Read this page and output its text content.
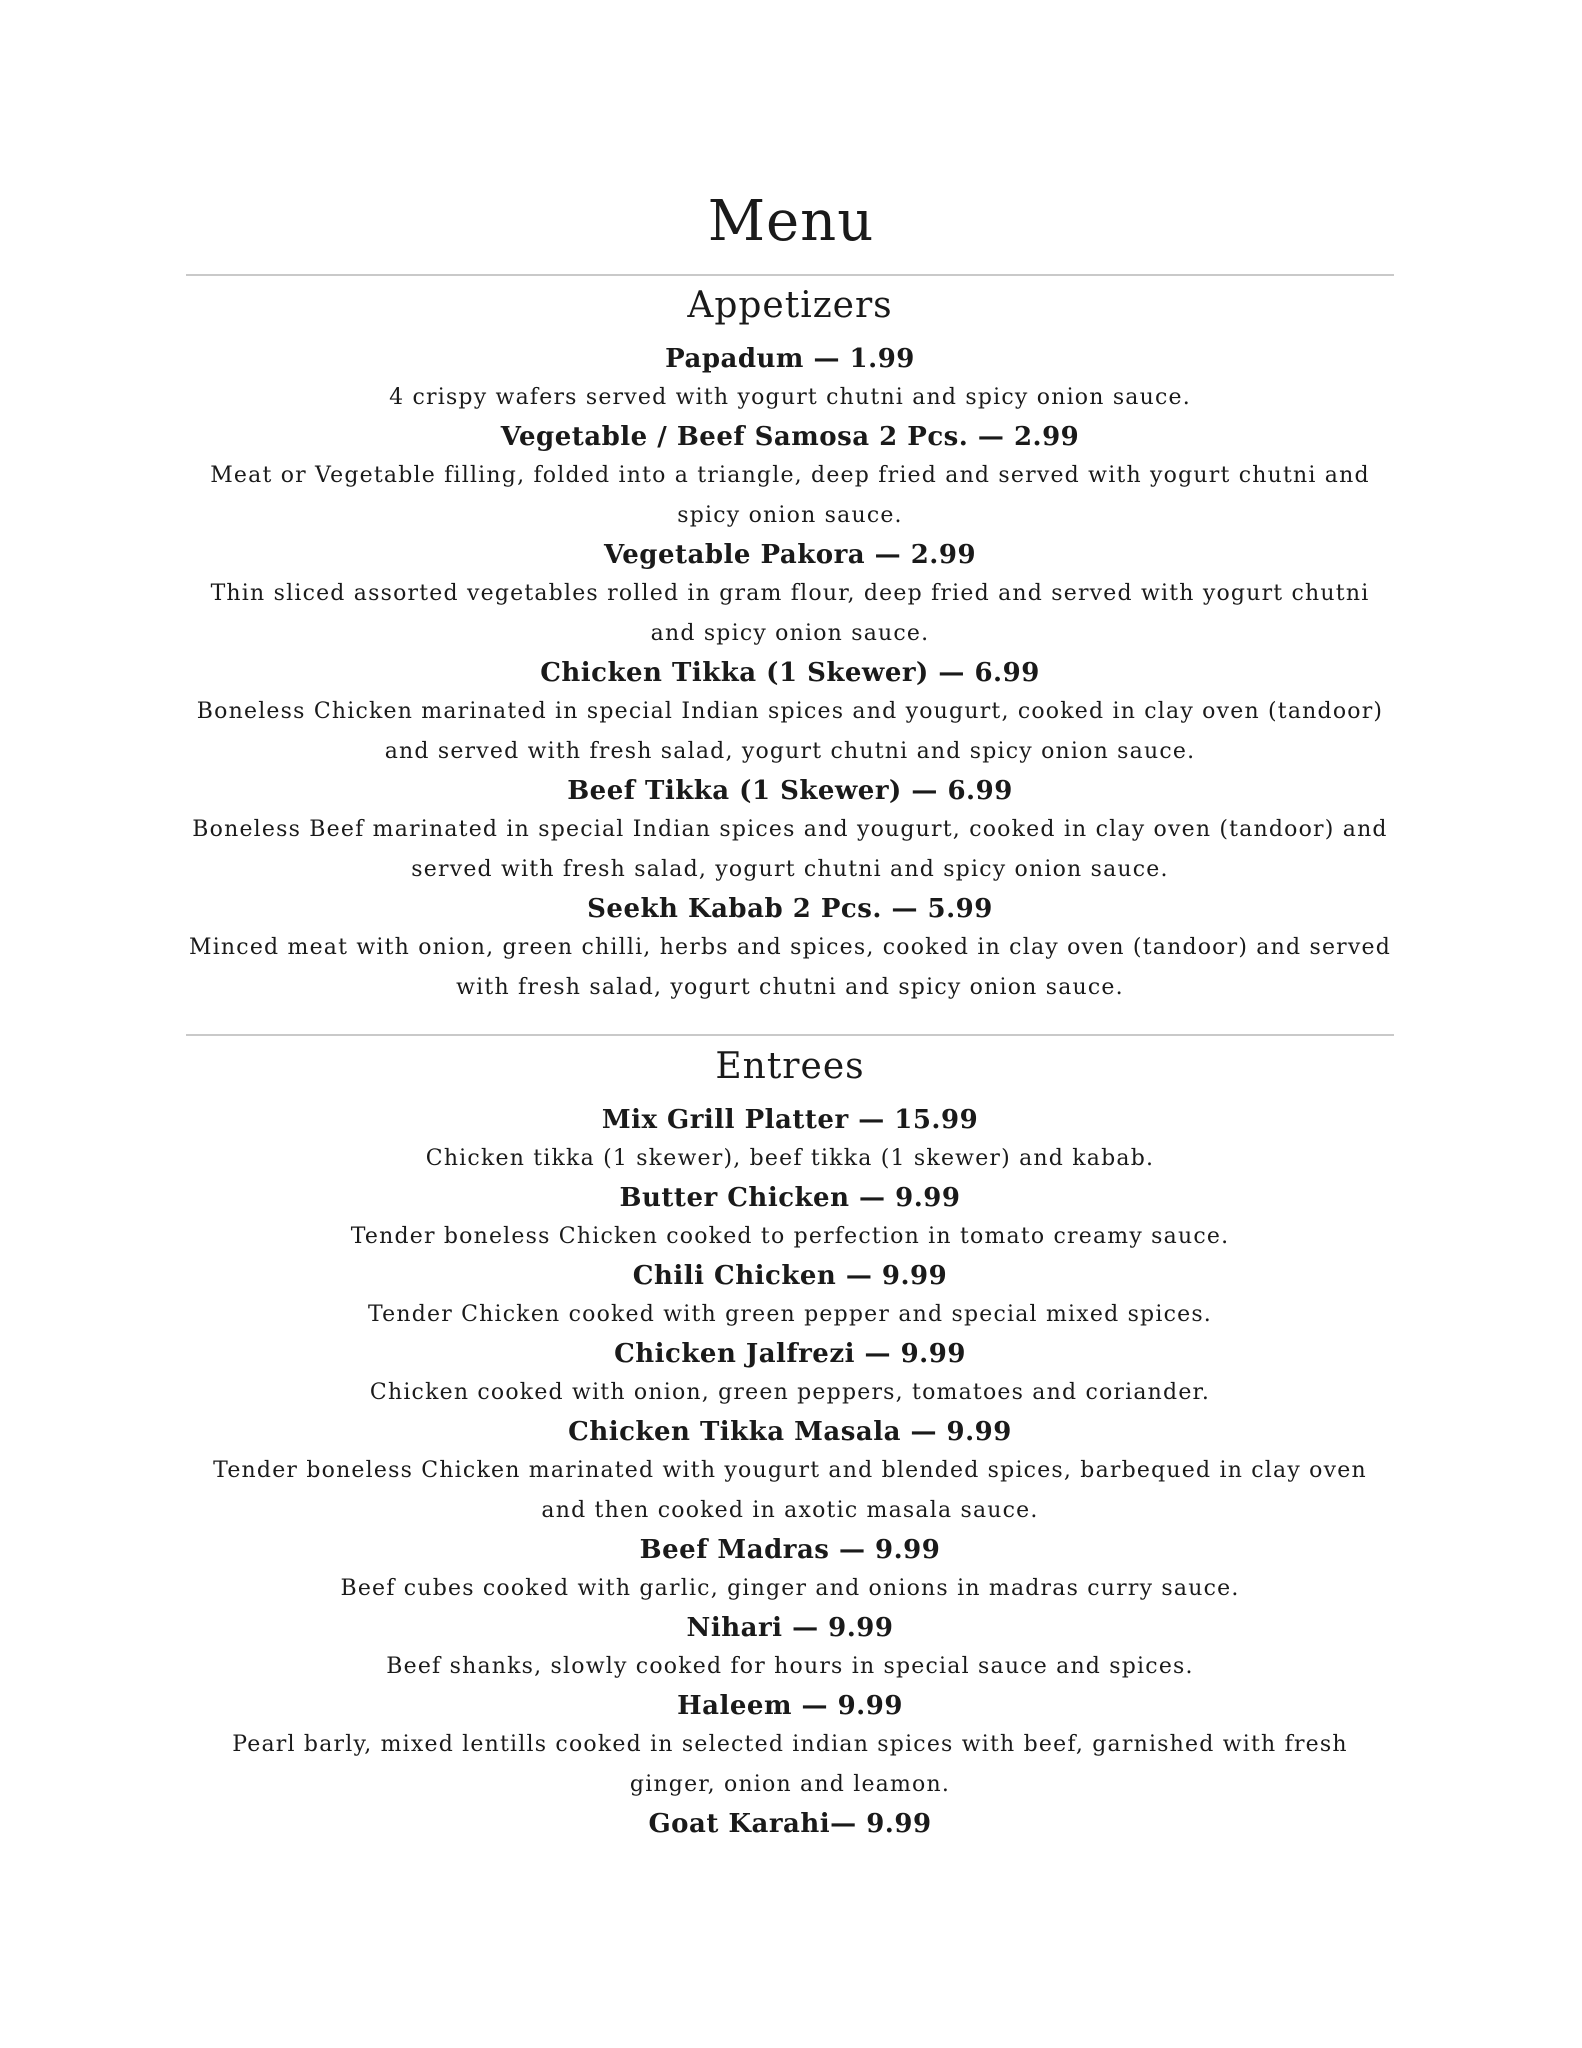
Menu
Appetizers

Papadum — 1.99

4 crispy wafers served with yogurt chutni and spicy onion sauce.

Vegetable / Beef Samosa 2 Pcs. — 2.99

Meat or Vegetable filling, folded into a triangle, deep fried and served with yogurt chutni and spicy onion sauce.

Vegetable Pakora — 2.99

Thin sliced assorted vegetables rolled in gram flour, deep fried and served with yogurt chutni and spicy onion sauce.

Chicken Tikka (1 Skewer) — 6.99

Boneless Chicken marinated in special Indian spices and yougurt, cooked in clay oven (tandoor) and served with fresh salad, yogurt chutni and spicy onion sauce.

Beef Tikka (1 Skewer) — 6.99

Boneless Beef marinated in special Indian spices and yougurt, cooked in clay oven (tandoor) and served with fresh salad, yogurt chutni and spicy onion sauce.

Seekh Kabab 2 Pcs. — 5.99

Minced meat with onion, green chilli, herbs and spices, cooked in clay oven (tandoor) and served with fresh salad, yogurt chutni and spicy onion sauce.

Entrees

Mix Grill Platter — 15.99

Chicken tikka (1 skewer), beef tikka (1 skewer) and kabab.

Butter Chicken — 9.99

Tender boneless Chicken cooked to perfection in tomato creamy sauce.

Chili Chicken — 9.99

Tender Chicken cooked with green pepper and special mixed spices.

Chicken Jalfrezi — 9.99

Chicken cooked with onion, green peppers, tomatoes and coriander.

Chicken Tikka Masala — 9.99

Tender boneless Chicken marinated with yougurt and blended spices, barbequed in clay oven and then cooked in axotic masala sauce.

Beef Madras — 9.99

Beef cubes cooked with garlic, ginger and onions in madras curry sauce.

Nihari — 9.99

Beef shanks, slowly cooked for hours in special sauce and spices.

Haleem — 9.99

Pearl barly, mixed lentills cooked in selected indian spices with beef, garnished with fresh ginger, onion and leamon.

Goat Karahi— 9.99
